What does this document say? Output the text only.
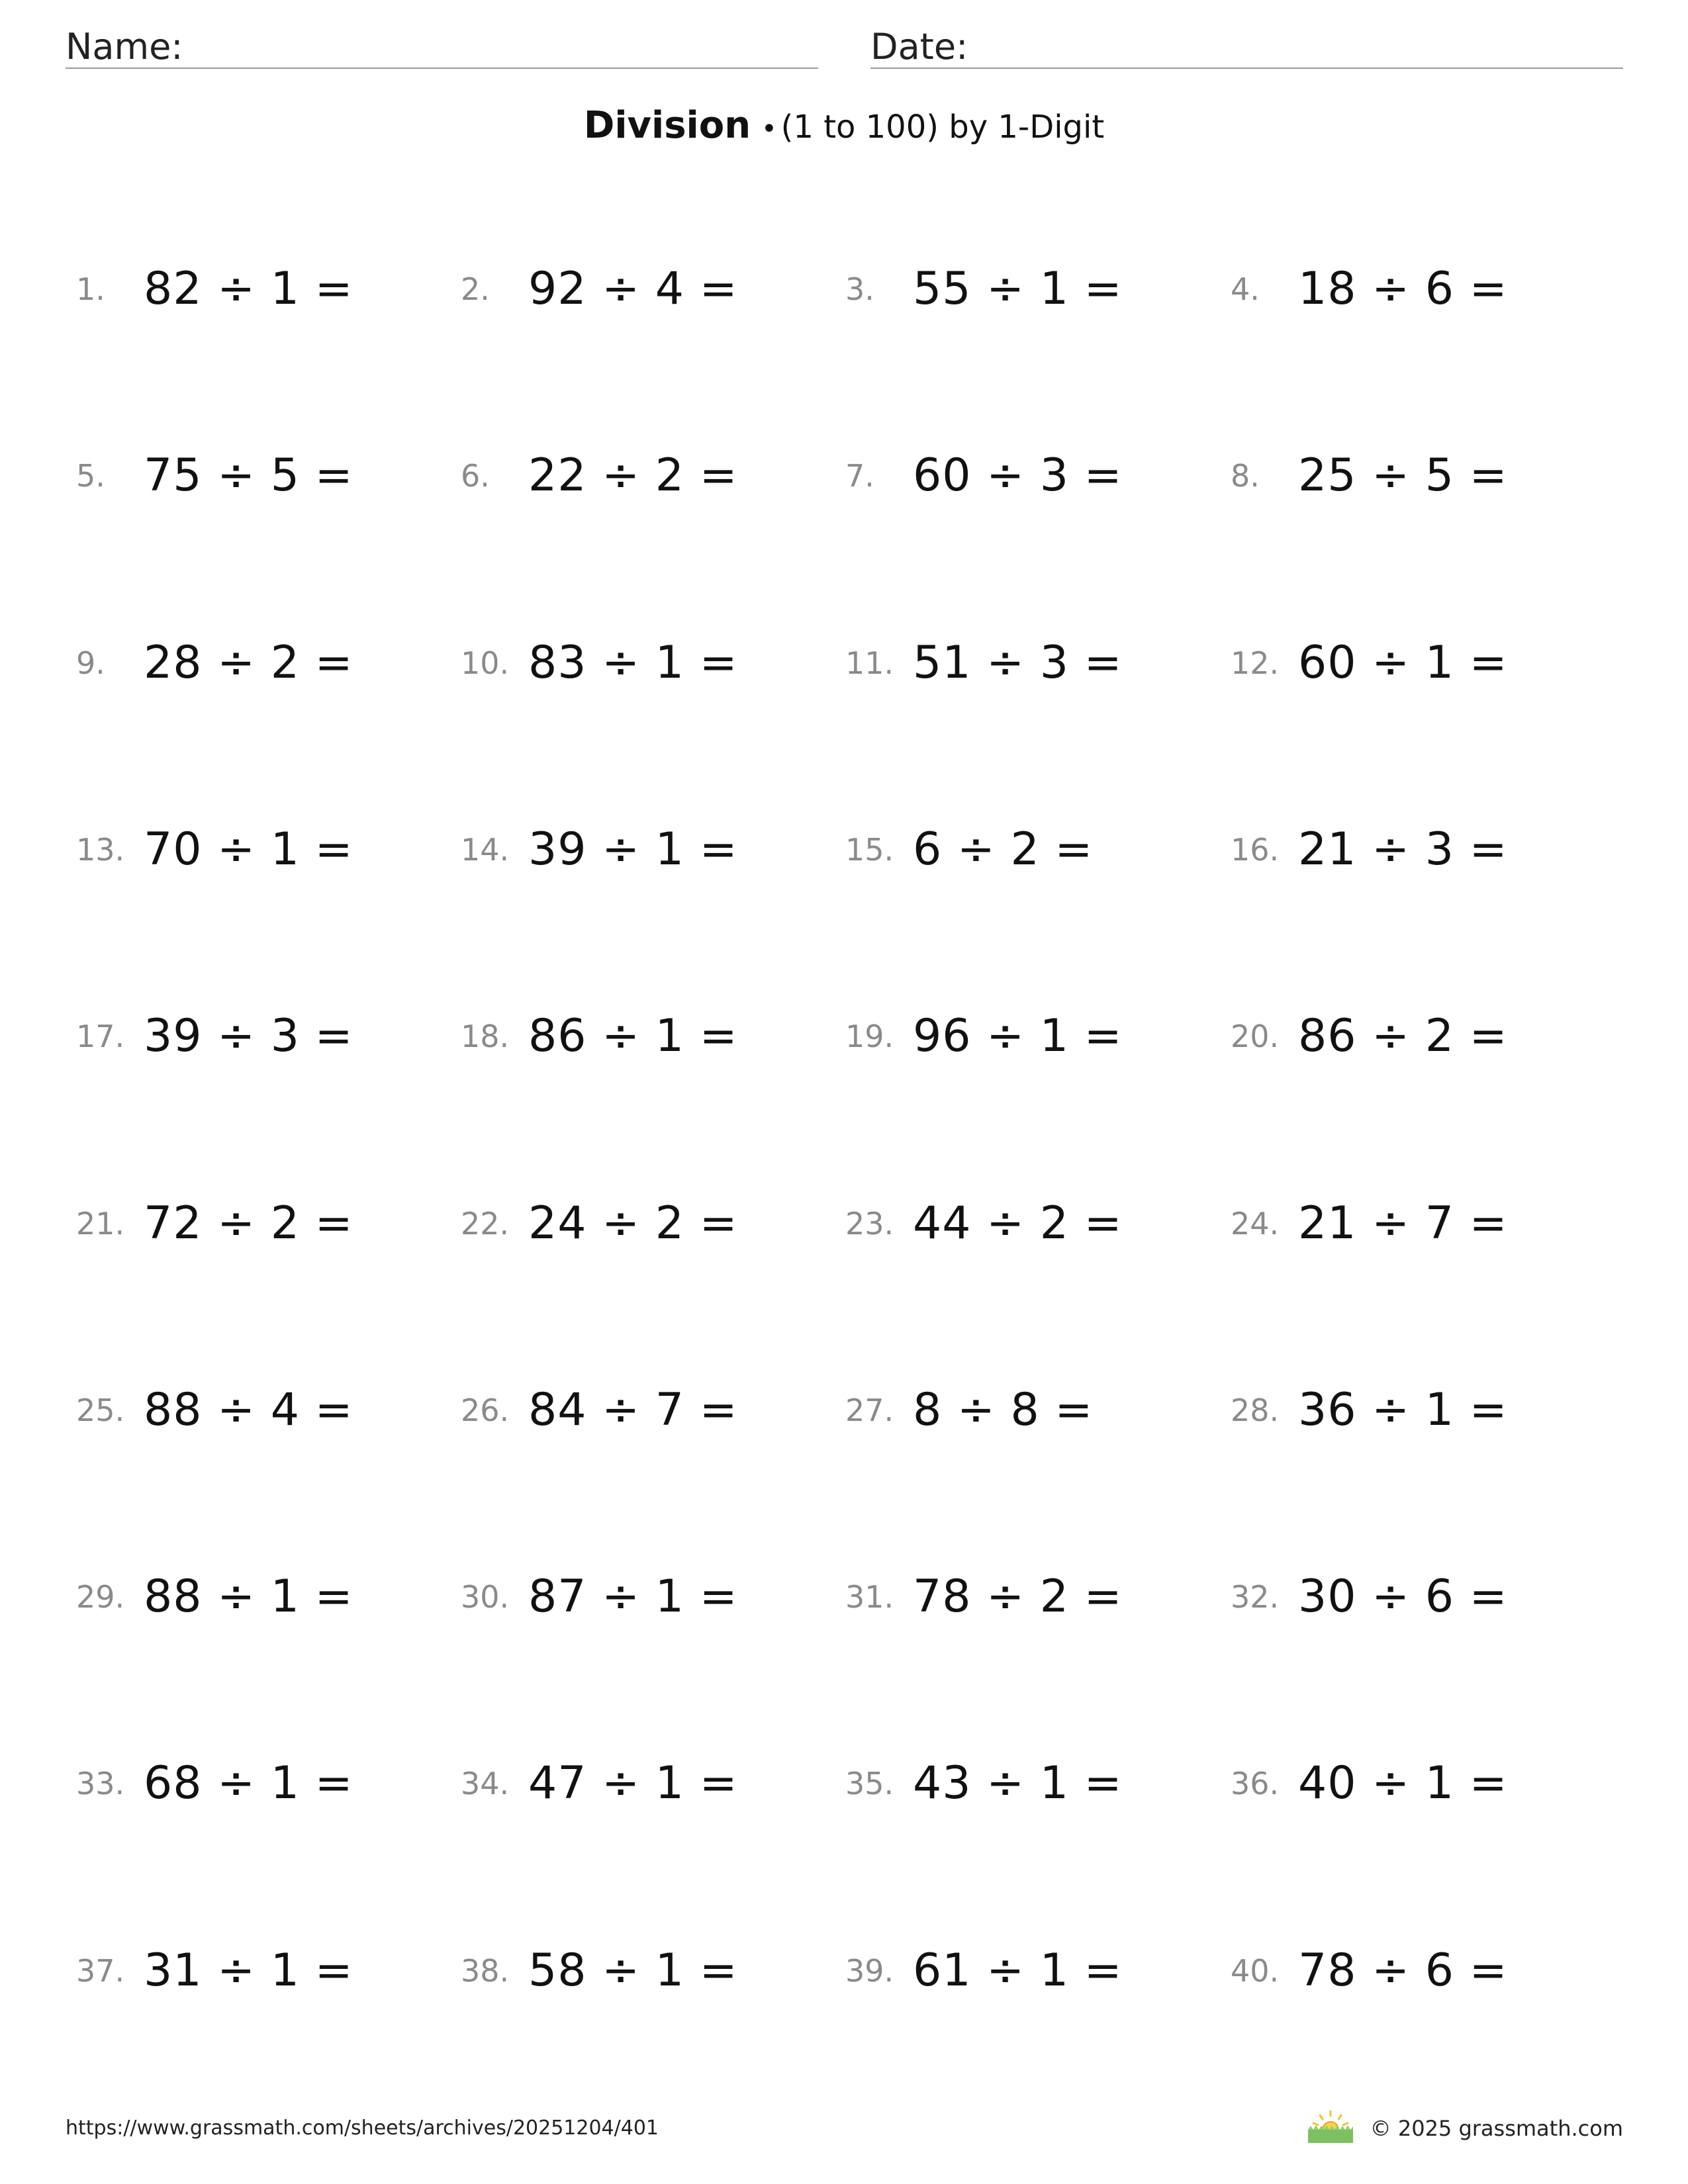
Name:	Date:
Division • (1 to 100) by 1-Digit
1. 82 ÷ 1 =	2. 92 ÷ 4 =	3. 55 ÷ 1 =	4. 18 ÷ 6 =
5. 75 ÷ 5 =	6. 22 ÷ 2 =	7. 60 ÷ 3 =	8. 25 ÷ 5 =
9. 28 ÷ 2 =	10. 83 ÷ 1 =	11. 51 ÷ 3 =	12. 60 ÷ 1 =
13. 70 ÷ 1 =	14. 39 ÷ 1 =	15. 6 ÷ 2 =	16. 21 ÷ 3 =
17. 39 ÷ 3 =	18. 86 ÷ 1 =	19. 96 ÷ 1 =	20. 86 ÷ 2 =
21. 72 ÷ 2 =	22. 24 ÷ 2 =	23. 44 ÷ 2 =	24. 21 ÷ 7 =
25. 88 ÷ 4 =	26. 84 ÷ 7 =	27. 8 ÷ 8 =	28. 36 ÷ 1 =
29. 88 ÷ 1 =	30. 87 ÷ 1 =	31. 78 ÷ 2 =	32. 30 ÷ 6 =
33. 68 ÷ 1 =	34. 47 ÷ 1 =	35. 43 ÷ 1 =	36. 40 ÷ 1 =
37. 31 ÷ 1 =	38. 58 ÷ 1 =	39. 61 ÷ 1 =	40. 78 ÷ 6 =
https://www.grassmath.com/sheets/archives/20251204/401	© 2025 grassmath.com
